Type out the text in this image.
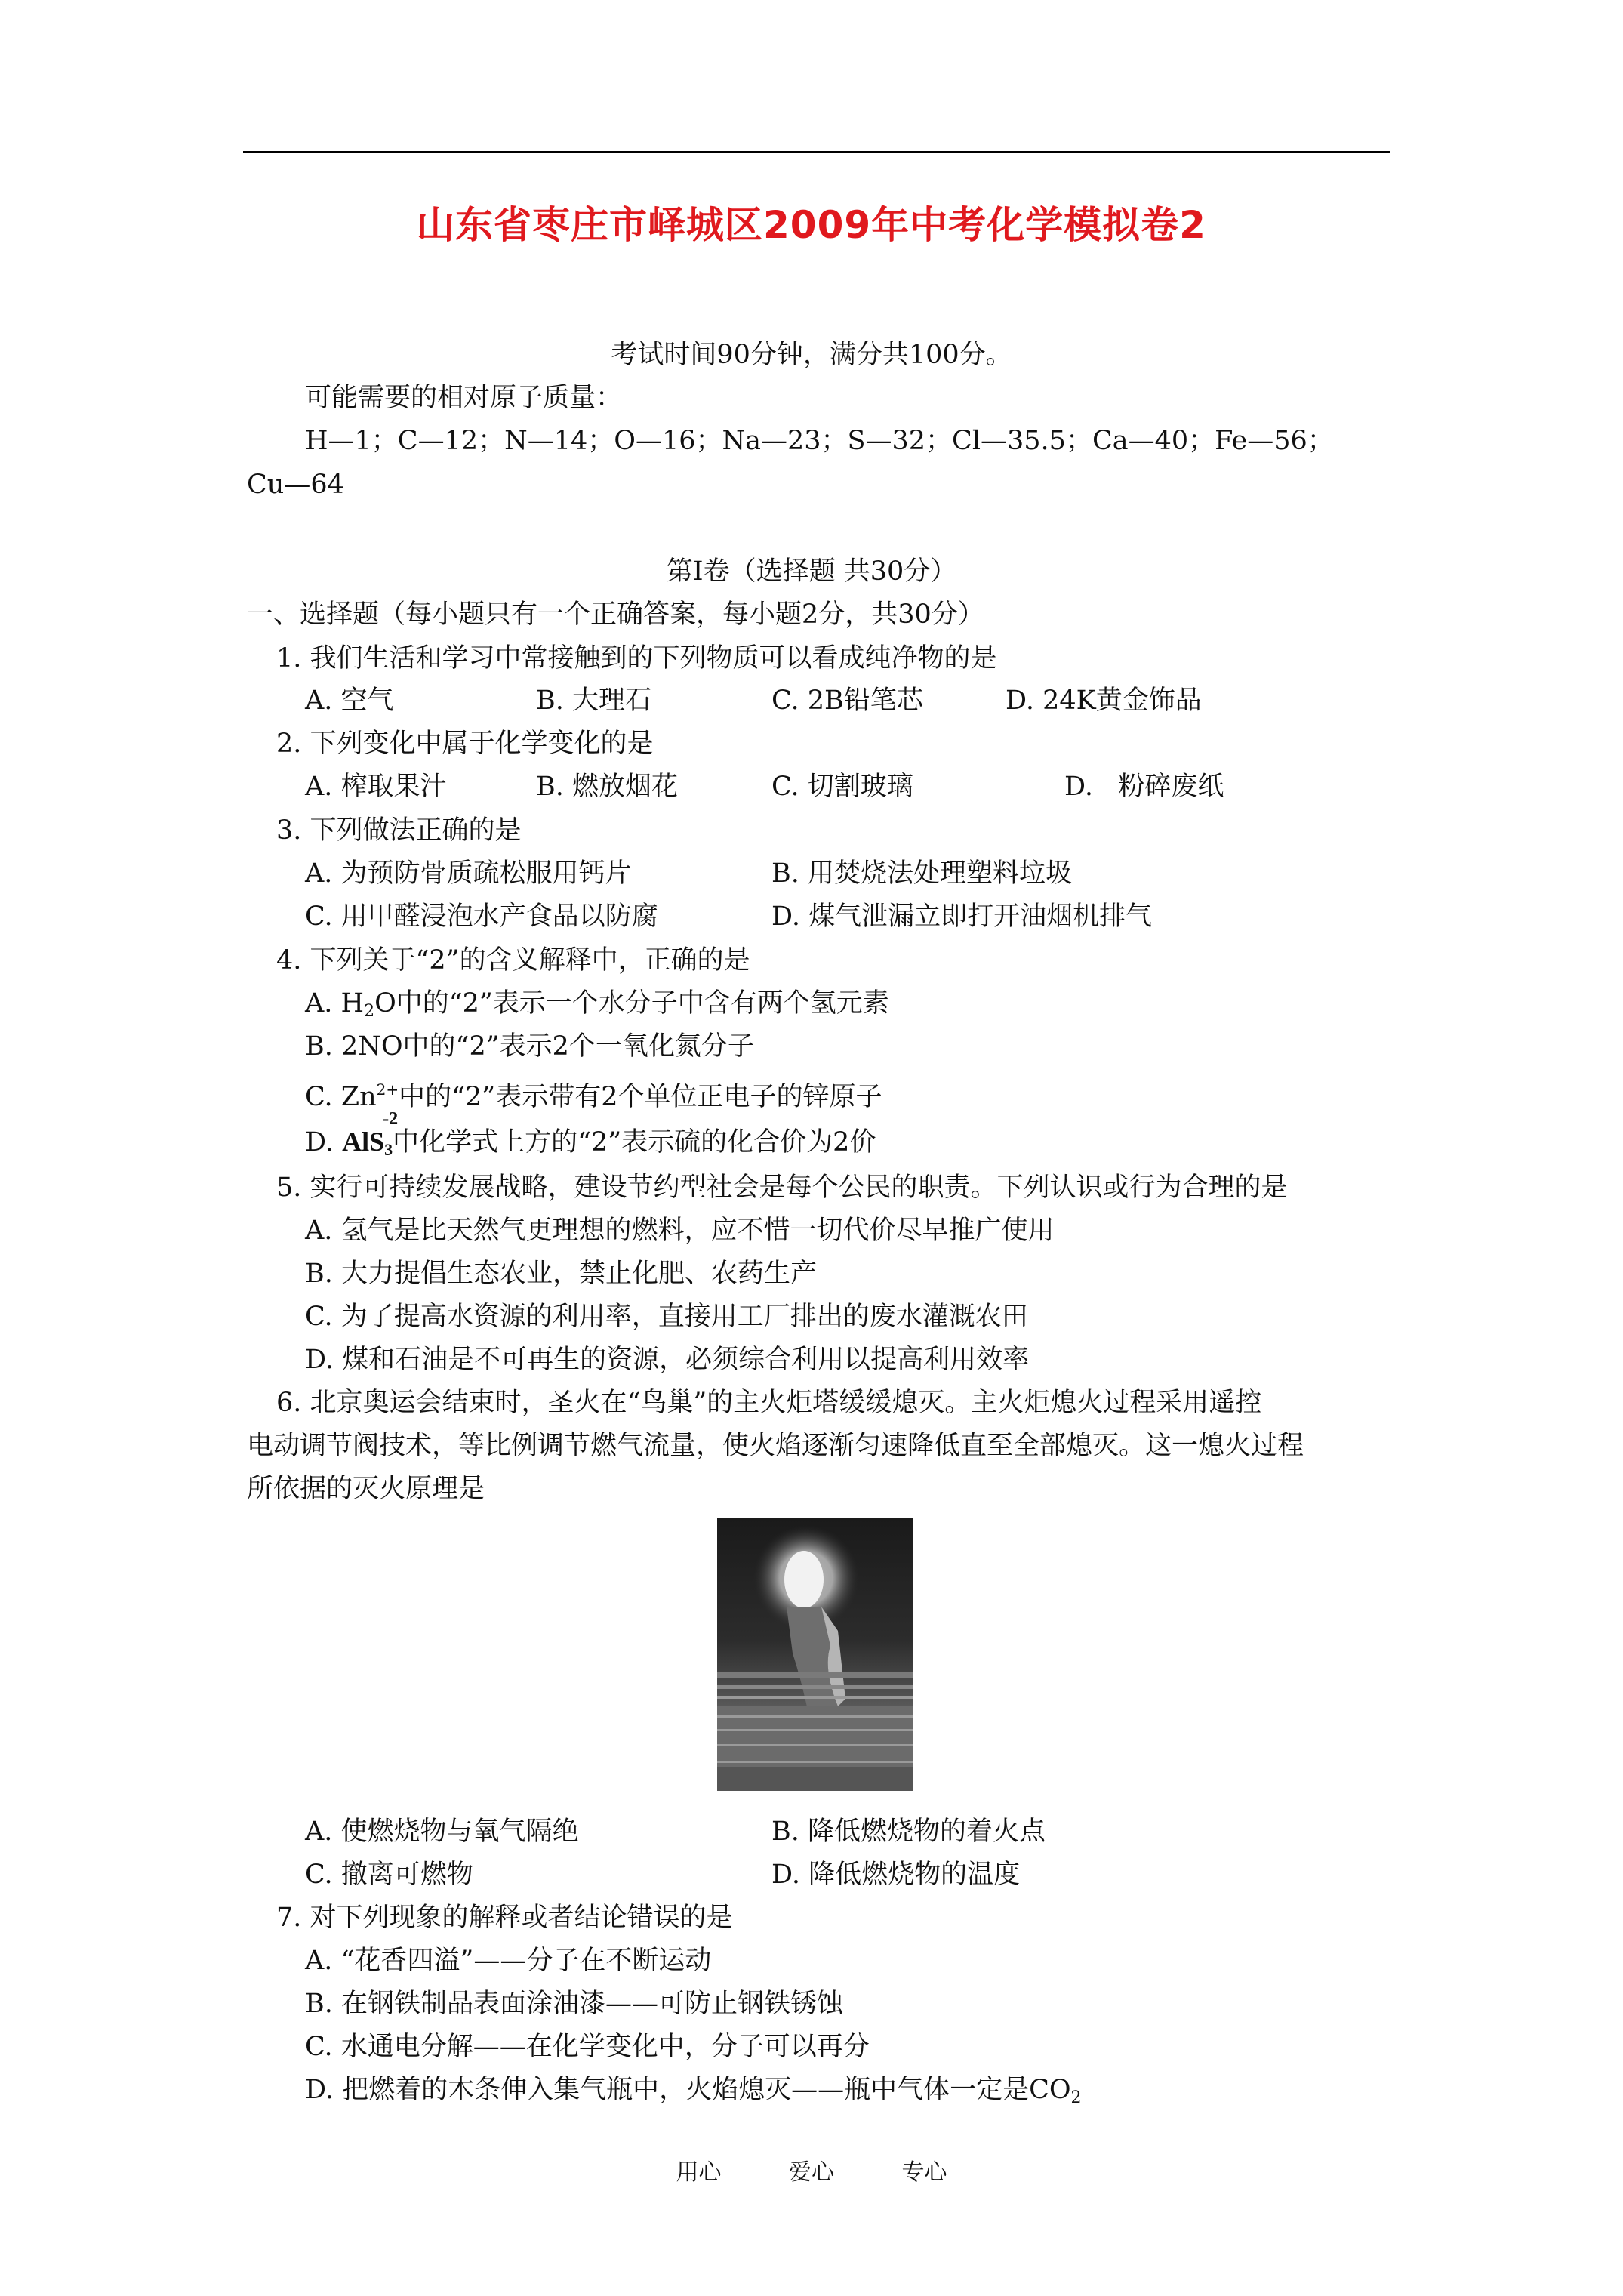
山东省枣庄市峄城区2009年中考化学模拟卷2
考试时间90分钟，满分共100分。
可能需要的相对原子质量：
H—1；C—12；N—14；O—16；Na—23；S—32；Cl—35.5；Ca—40；Fe—56；
Cu—64
第Ⅰ卷（选择题 共30分）
一、选择题（每小题只有一个正确答案，每小题2分，共30分）
1. 我们生活和学习中常接触到的下列物质可以看成纯净物的是
A. 空气	B. 大理石	C. 2B铅笔芯	D. 24K黄金饰品
2. 下列变化中属于化学变化的是
A. 榨取果汁	B. 燃放烟花	C. 切割玻璃	D.   粉碎废纸
3. 下列做法正确的是
A. 为预防骨质疏松服用钙片	B. 用焚烧法处理塑料垃圾
C. 用甲醛浸泡水产食品以防腐	D. 煤气泄漏立即打开油烟机排气
4. 下列关于“2”的含义解释中，正确的是
A. $H_2O$中的“2”表示一个水分子中含有两个氢元素
B. 2NO中的“2”表示2个一氧化氮分子
C. $Zn^{2+}$中的“2”表示带有2个单位正电子的锌原子
D. AlS$_3$
-2
中化学式上方的“2”表示硫的化合价为2价
5. 实行可持续发展战略，建设节约型社会是每个公民的职责。下列认识或行为合理的是
A. 氢气是比天然气更理想的燃料，应不惜一切代价尽早推广使用
B. 大力提倡生态农业，禁止化肥、农药生产
C. 为了提高水资源的利用率，直接用工厂排出的废水灌溉农田
D. 煤和石油是不可再生的资源，必须综合利用以提高利用效率
6. 北京奥运会结束时，圣火在“鸟巢”的主火炬塔缓缓熄灭。主火炬熄火过程采用遥控
电动调节阀技术，等比例调节燃气流量，使火焰逐渐匀速降低直至全部熄灭。这一熄火过程
所依据的灭火原理是
A. 使燃烧物与氧气隔绝	B. 降低燃烧物的着火点
C. 撤离可燃物	D. 降低燃烧物的温度
7. 对下列现象的解释或者结论错误的是
A. “花香四溢”——分子在不断运动
B. 在钢铁制品表面涂油漆——可防止钢铁锈蚀
C. 水通电分解——在化学变化中，分子可以再分
D. 把燃着的木条伸入集气瓶中，火焰熄灭——瓶中气体一定是$CO_2$
用心	爱心	专心
